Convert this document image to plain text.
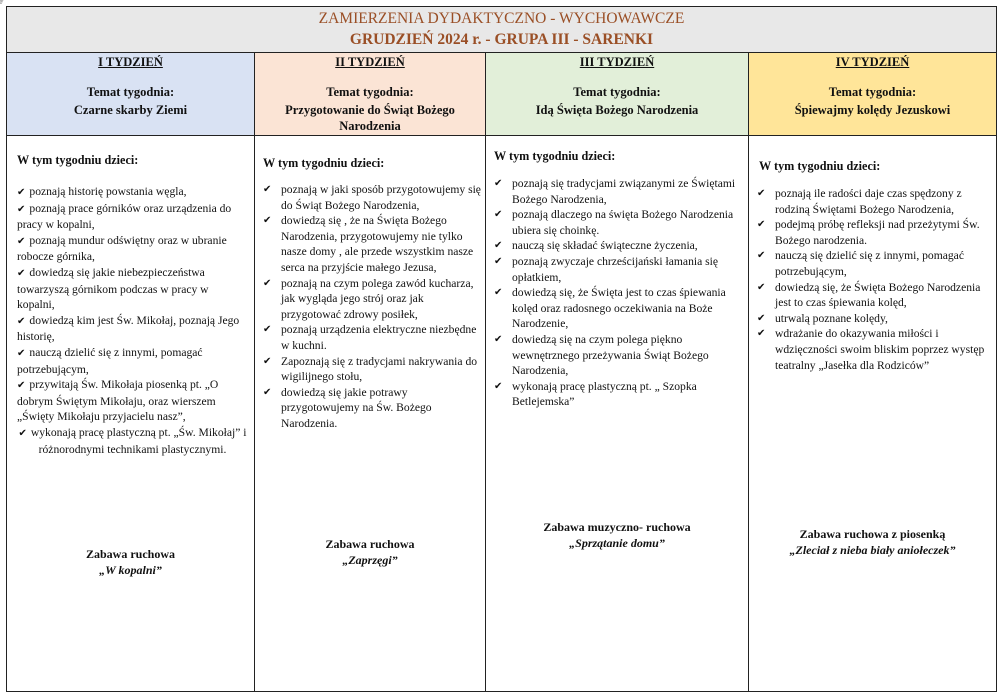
F
ZAMIERZENIA DYDAKTYCZNO - WYCHOWAWCZE
GRUDZIEŃ 2024 r. - GRUPA III - SARENKI
I TYDZIEŃ
Temat tygodnia:
Czarne skarby Ziemi
W tym tygodniu dzieci:
✔ poznają historię powstania węgla,
✔ poznają prace górników oraz urządzenia do pracy w kopalni,
✔ poznają mundur odświętny oraz w ubranie robocze górnika,
✔ dowiedzą się jakie niebezpieczeństwa towarzyszą górnikom podczas w pracy w kopalni,
✔ dowiedzą kim jest Św. Mikołaj, poznają Jego historię,
✔ nauczą dzielić się z innymi, pomagać potrzebującym,
✔ przywitają Św. Mikołaja piosenką pt. „O dobrym Świętym Mikołaju, oraz wierszem „Święty Mikołaju przyjacielu nasz”,
✔ wykonają pracę plastyczną pt. „Św. Mikołaj” i różnorodnymi technikami plastycznymi.
Zabawa ruchowa
„W kopalni”
II TYDZIEŃ
Temat tygodnia:
Przygotowanie do Świąt Bożego Narodzenia
W tym tygodniu dzieci:
✔ poznają w jaki sposób przygotowujemy się do Świąt Bożego Narodzenia,
✔ dowiedzą się , że na Święta Bożego Narodzenia, przygotowujemy nie tylko nasze domy , ale przede wszystkim nasze serca na przyjście małego Jezusa,
✔ poznają na czym polega zawód kucharza, jak wygląda jego strój oraz jak przygotować zdrowy posiłek,
✔ poznają urządzenia elektryczne niezbędne w kuchni.
✔ Zapoznają się z tradycjami nakrywania do wigilijnego stołu,
✔ dowiedzą się jakie potrawy przygotowujemy na Św. Bożego Narodzenia.
Zabawa ruchowa
„Zaprzęgi”
III TYDZIEŃ
Temat tygodnia:
Idą Święta Bożego Narodzenia
W tym tygodniu dzieci:
✔ poznają się tradycjami związanymi ze Świętami Bożego Narodzenia,
✔ poznają dlaczego na święta Bożego Narodzenia ubiera się choinkę.
✔ nauczą się składać świąteczne życzenia,
✔ poznają zwyczaje chrześcijański łamania się opłatkiem,
✔ dowiedzą się, że Święta jest to czas śpiewania kolęd oraz radosnego oczekiwania na Boże Narodzenie,
✔ dowiedzą się na czym polega piękno wewnętrznego przeżywania Świąt Bożego Narodzenia,
✔ wykonają pracę plastyczną pt. „ Szopka Betlejemska”
Zabawa muzyczno- ruchowa
„Sprzątanie domu”
IV TYDZIEŃ
Temat tygodnia:
Śpiewajmy kolędy Jezuskowi
W tym tygodniu dzieci:
✔ poznają ile radości daje czas spędzony z rodziną Świętami Bożego Narodzenia,
✔ podejmą próbę refleksji nad przeżytymi Św. Bożego narodzenia.
✔ nauczą się dzielić się z innymi, pomagać potrzebującym,
✔ dowiedzą się, że Święta Bożego Narodzenia jest to czas śpiewania kolęd,
✔ utrwalą poznane kolędy,
✔ wdrażanie do okazywania miłości i wdzięczności swoim bliskim poprzez występ teatralny „Jasełka dla Rodziców”
Zabawa ruchowa z piosenką
„Zleciał z nieba biały aniołeczek”
